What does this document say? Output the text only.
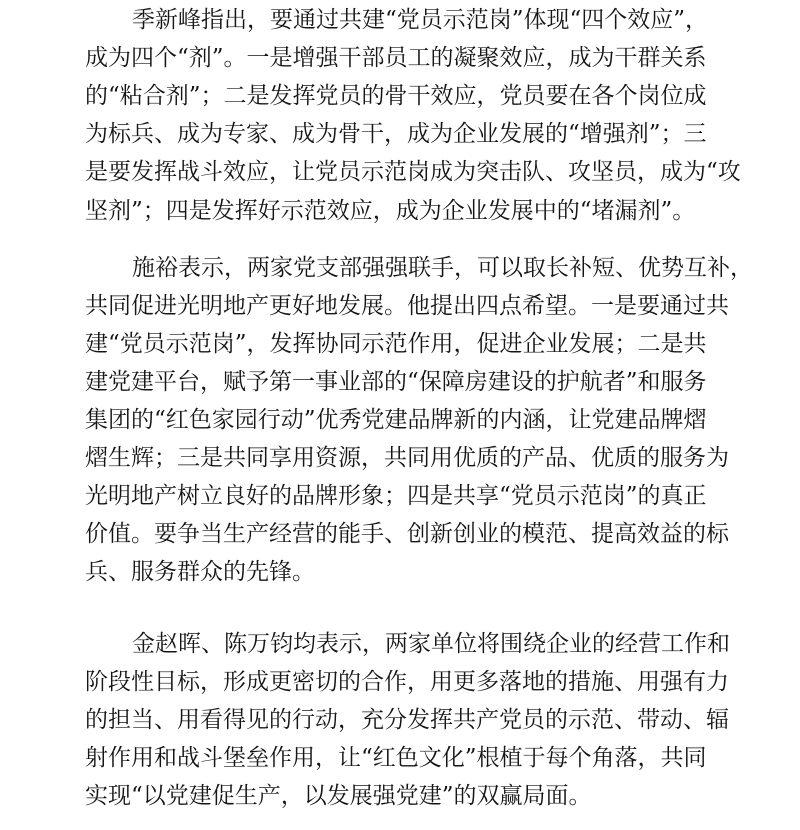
季新峰指出，要通过共建“党员示范岗”体现“四个效应”，
成为四个“剂”。一是增强干部员工的凝聚效应，成为干群关系
的“粘合剂”；二是发挥党员的骨干效应，党员要在各个岗位成
为标兵、成为专家、成为骨干，成为企业发展的“增强剂”；三
是要发挥战斗效应，让党员示范岗成为突击队、攻坚员，成为“攻
坚剂”；四是发挥好示范效应，成为企业发展中的“堵漏剂”。
施裕表示，两家党支部强强联手，可以取长补短、优势互补，
共同促进光明地产更好地发展。他提出四点希望。一是要通过共
建“党员示范岗”，发挥协同示范作用，促进企业发展；二是共
建党建平台，赋予第一事业部的“保障房建设的护航者”和服务
集团的“红色家园行动”优秀党建品牌新的内涵，让党建品牌熠
熠生辉；三是共同享用资源，共同用优质的产品、优质的服务为
光明地产树立良好的品牌形象；四是共享“党员示范岗”的真正
价值。要争当生产经营的能手、创新创业的模范、提高效益的标
兵、服务群众的先锋。
金赵晖、陈万钧均表示，两家单位将围绕企业的经营工作和
阶段性目标，形成更密切的合作，用更多落地的措施、用强有力
的担当、用看得见的行动，充分发挥共产党员的示范、带动、辐
射作用和战斗堡垒作用，让“红色文化”根植于每个角落，共同
实现“以党建促生产，以发展强党建”的双赢局面。
